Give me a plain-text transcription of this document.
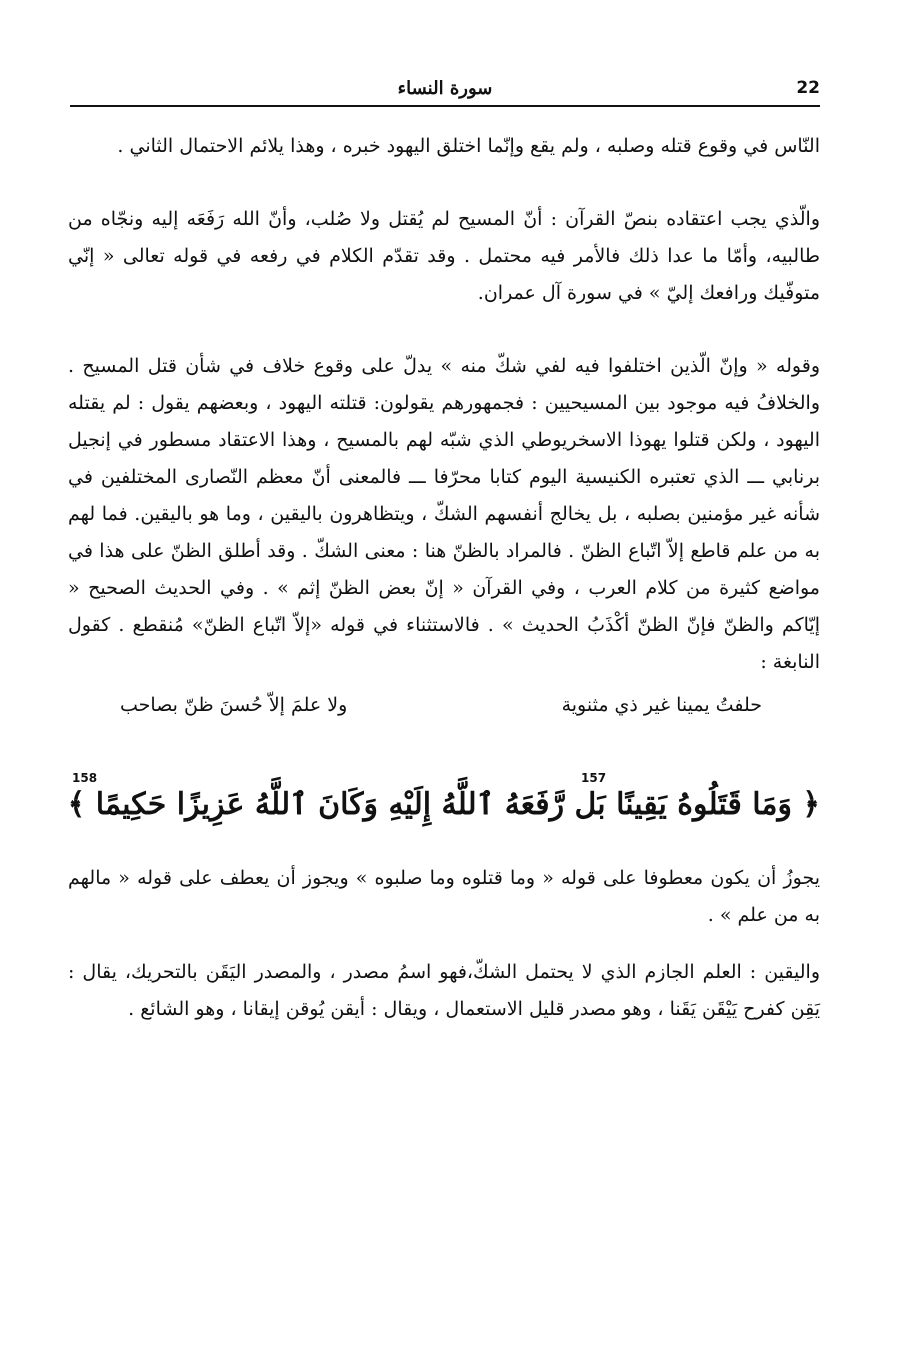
22
سورة النساء

النّاس في وقوع قتله وصلبه ، ولم يقع وإنّما اختلق اليهود خبره ، وهذا يلائم الاحتمال الثاني .

والّذي يجب اعتقاده بنصّ القرآن : أنّ المسيح لم يُقتل ولا صُلب، وأنّ الله رَفَعَه إليه ونجّاه من طالبيه، وأمّا ما عدا ذلك فالأمر فيه محتمل . وقد تقدّم الكلام في رفعه في قوله تعالى « إنّي متوفّيك ورافعك إليّ » في سورة آل عمران.

وقوله « وإنّ الّذين اختلفوا فيه لفي شكّ منه » يدلّ على وقوع خلاف في شأن قتل المسيح . والخلافُ فيه موجود بين المسيحيين : فجمهورهم يقولون: قتلته اليهود ، وبعضهم يقول : لم يقتله اليهود ، ولكن قتلوا يهوذا الاسخريوطي الذي شبّه لهم بالمسيح ، وهذا الاعتقاد مسطور في إنجيل برنابي ـــ الذي تعتبره الكنيسية اليوم كتابا محرّفا ـــ فالمعنى أنّ معظم النّصارى المختلفين في شأنه غير مؤمنين بصلبه ، بل يخالج أنفسهم الشكّ ، ويتظاهرون باليقين ، وما هو باليقين. فما لهم به من علم قاطع إلاّ اتّباع الظنّ . فالمراد بالظنّ هنا : معنى الشكّ . وقد أطلق الظنّ على هذا في مواضع كثيرة من كلام العرب ، وفي القرآن « إنّ بعض الظنّ إثم » . وفي الحديث الصحيح « إيّاكم والظنّ فإنّ الظنّ أكْذَبُ الحديث » . فالاستثناء في قوله «إلاّ اتّباع الظنّ» مُنقطع . كقول النابغة :

حلفتُ يمينا غير ذي مثنوية
ولا علمَ إلاّ حُسنَ ظنّ بصاحب
157
158
﴿ وَمَا قَتَلُوهُ يَقِينًا بَل رَّفَعَهُ ٱللَّهُ إِلَيْهِ وَكَانَ ٱللَّهُ عَزِيزًا حَكِيمًا ﴾

يجوزُ أن يكون معطوفا على قوله « وما قتلوه وما صلبوه » ويجوز أن يعطف على قوله « مالهم به من علم » .

واليقين : العلم الجازم الذي لا يحتمل الشكّ،فهو اسمُ مصدر ، والمصدر اليَقَن بالتحريك، يقال : يَقِن كفرح يَيْقَن يَقَنا ، وهو مصدر قليل الاستعمال ، ويقال : أيقن يُوقن إيقانا ، وهو الشائع .
